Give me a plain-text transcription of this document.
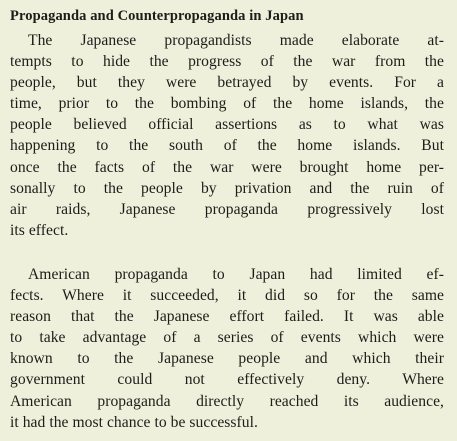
Propaganda and Counterpropaganda in Japan
The Japanese propagandists made elaborate at-
tempts to hide the progress of the war from the
people, but they were betrayed by events. For a
time, prior to the bombing of the home islands, the
people believed official assertions as to what was
happening to the south of the home islands. But
once the facts of the war were brought home per-
sonally to the people by privation and the ruin of
air raids, Japanese propaganda progressively lost
its effect.
American propaganda to Japan had limited ef-
fects. Where it succeeded, it did so for the same
reason that the Japanese effort failed. It was able
to take advantage of a series of events which were
known to the Japanese people and which their
government could not effectively deny. Where
American propaganda directly reached its audience,
it had the most chance to be successful.
